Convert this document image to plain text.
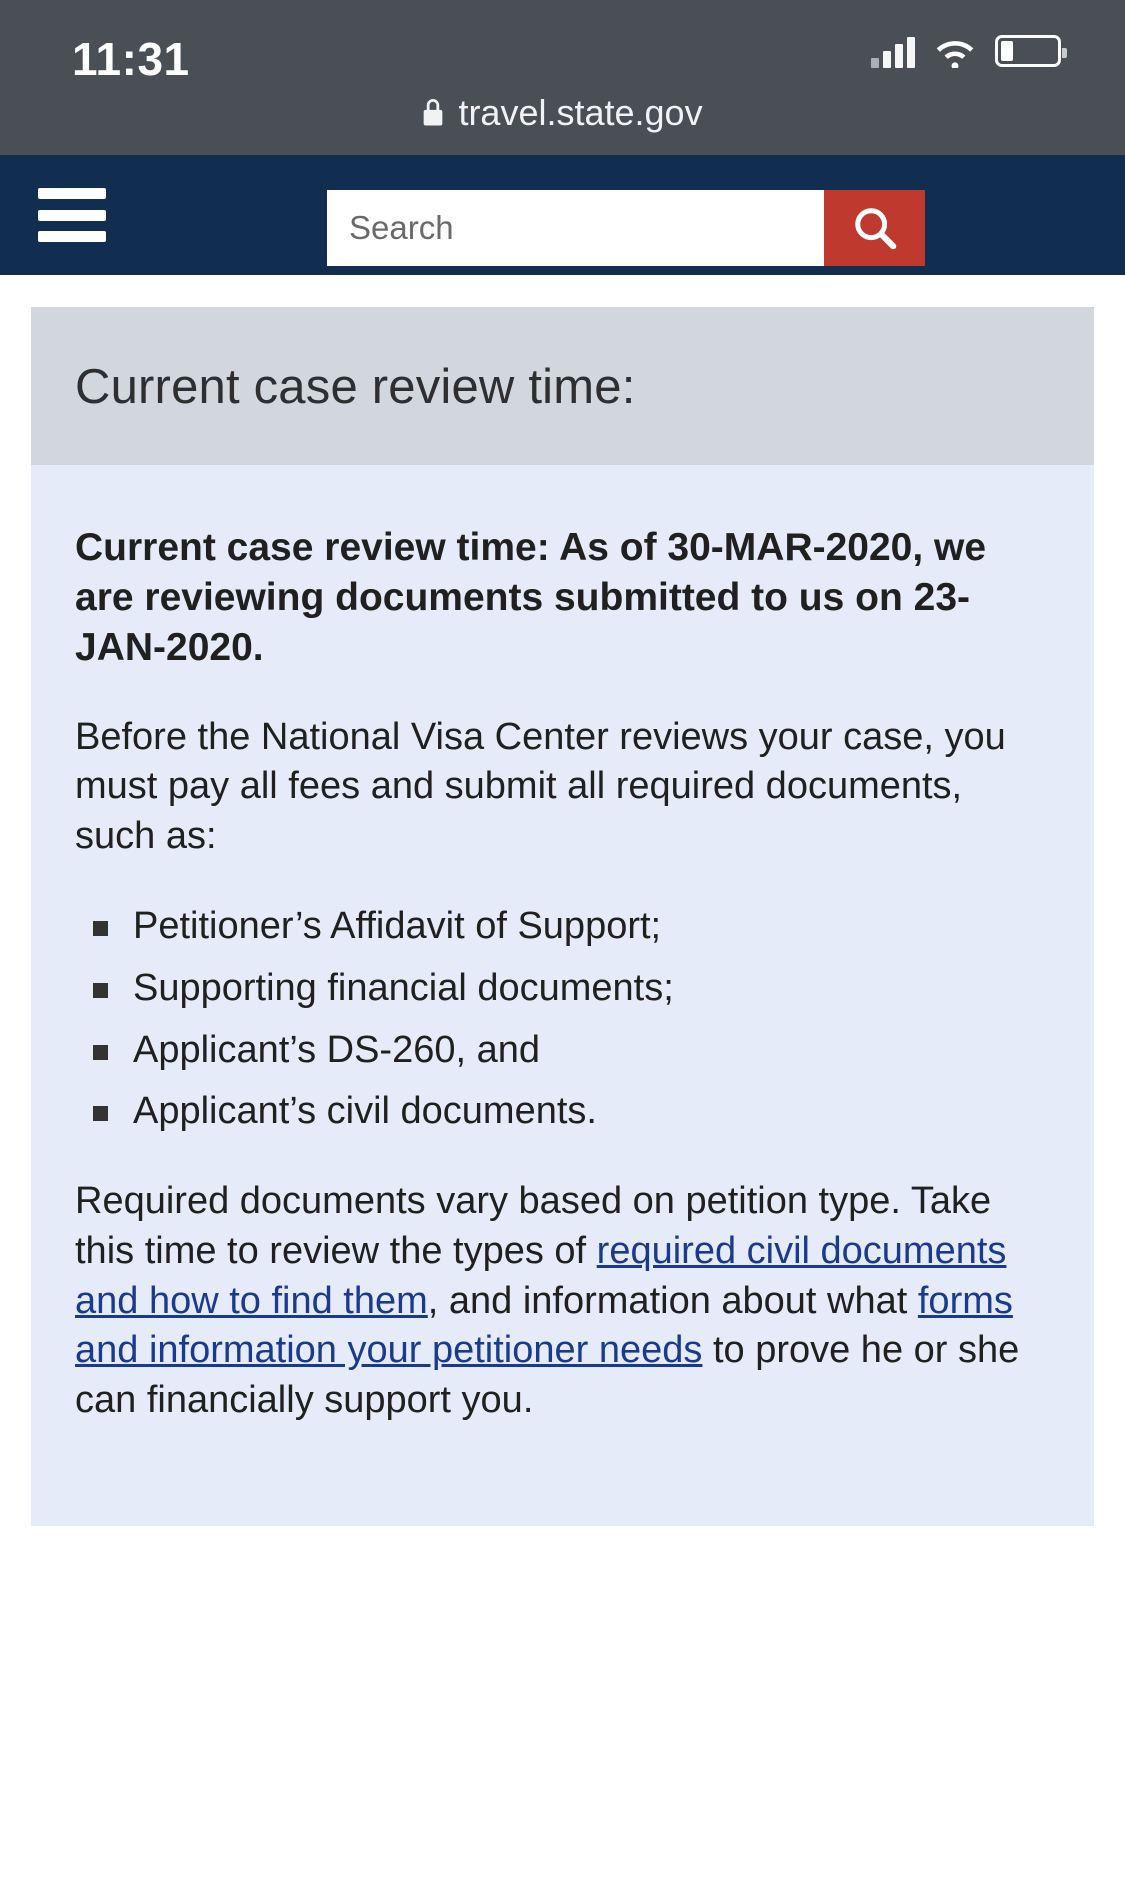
11:31
travel.state.gov
Search
Current case review time:

Current case review time: As of 30-MAR-2020, we are reviewing documents submitted to us on 23-JAN-2020.

Before the National Visa Center reviews your case, you must pay all fees and submit all required documents, such as:

Petitioner’s Affidavit of Support;
Supporting financial documents;
Applicant’s DS-260, and
Applicant’s civil documents.

Required documents vary based on petition type. Take this time to review the types of required civil documents and how to find them, and information about what forms and information your petitioner needs to prove he or she can financially support you.
